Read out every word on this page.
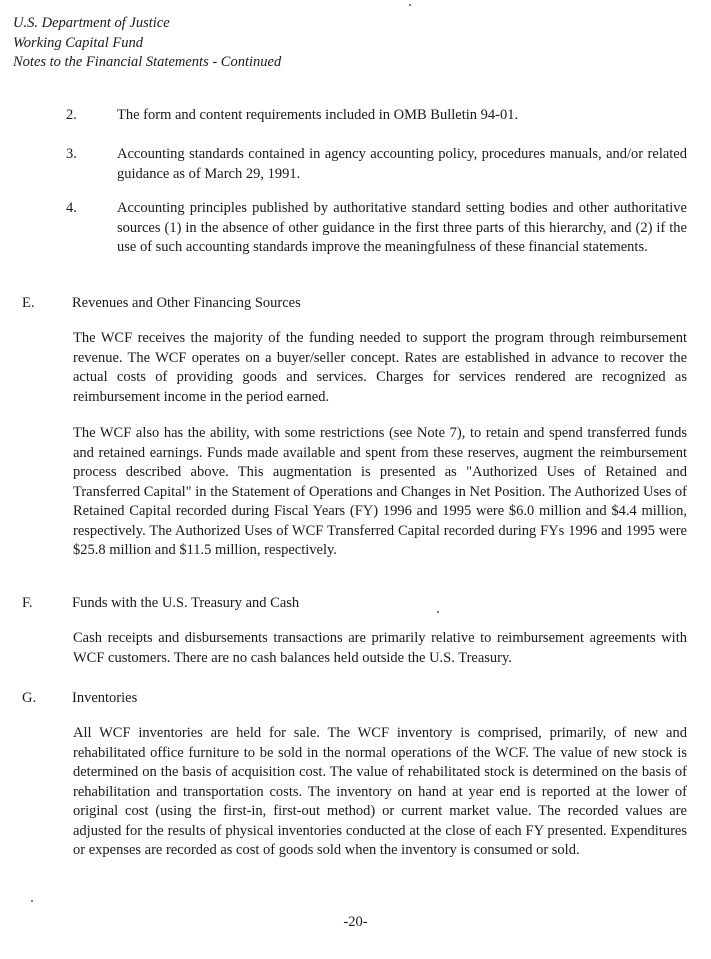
U.S. Department of Justice
Working Capital Fund
Notes to the Financial Statements - Continued
2.	The form and content requirements included in OMB Bulletin 94-01.
3.	Accounting standards contained in agency accounting policy, procedures manuals, and/or related guidance as of March 29, 1991.
4.	Accounting principles published by authoritative standard setting bodies and other authoritative sources (1) in the absence of other guidance in the first three parts of this hierarchy, and (2) if the use of such accounting standards improve the meaningfulness of these financial statements.
E.	Revenues and Other Financing Sources
The WCF receives the majority of the funding needed to support the program through reimbursement revenue. The WCF operates on a buyer/seller concept. Rates are established in advance to recover the actual costs of providing goods and services. Charges for services rendered are recognized as reimbursement income in the period earned.
The WCF also has the ability, with some restrictions (see Note 7), to retain and spend transferred funds and retained earnings. Funds made available and spent from these reserves, augment the reimbursement process described above. This augmentation is presented as "Authorized Uses of Retained and Transferred Capital" in the Statement of Operations and Changes in Net Position. The Authorized Uses of Retained Capital recorded during Fiscal Years (FY) 1996 and 1995 were $6.0 million and $4.4 million, respectively. The Authorized Uses of WCF Transferred Capital recorded during FYs 1996 and 1995 were $25.8 million and $11.5 million, respectively.
F.	Funds with the U.S. Treasury and Cash
Cash receipts and disbursements transactions are primarily relative to reimbursement agreements with WCF customers. There are no cash balances held outside the U.S. Treasury.
G. Inventories
All WCF inventories are held for sale. The WCF inventory is comprised, primarily, of new and rehabilitated office furniture to be sold in the normal operations of the WCF. The value of new stock is determined on the basis of acquisition cost. The value of rehabilitated stock is determined on the basis of rehabilitation and transportation costs. The inventory on hand at year end is reported at the lower of original cost (using the first-in, first-out method) or current market value. The recorded values are adjusted for the results of physical inventories conducted at the close of each FY presented. Expenditures or expenses are recorded as cost of goods sold when the inventory is consumed or sold.
-20-
